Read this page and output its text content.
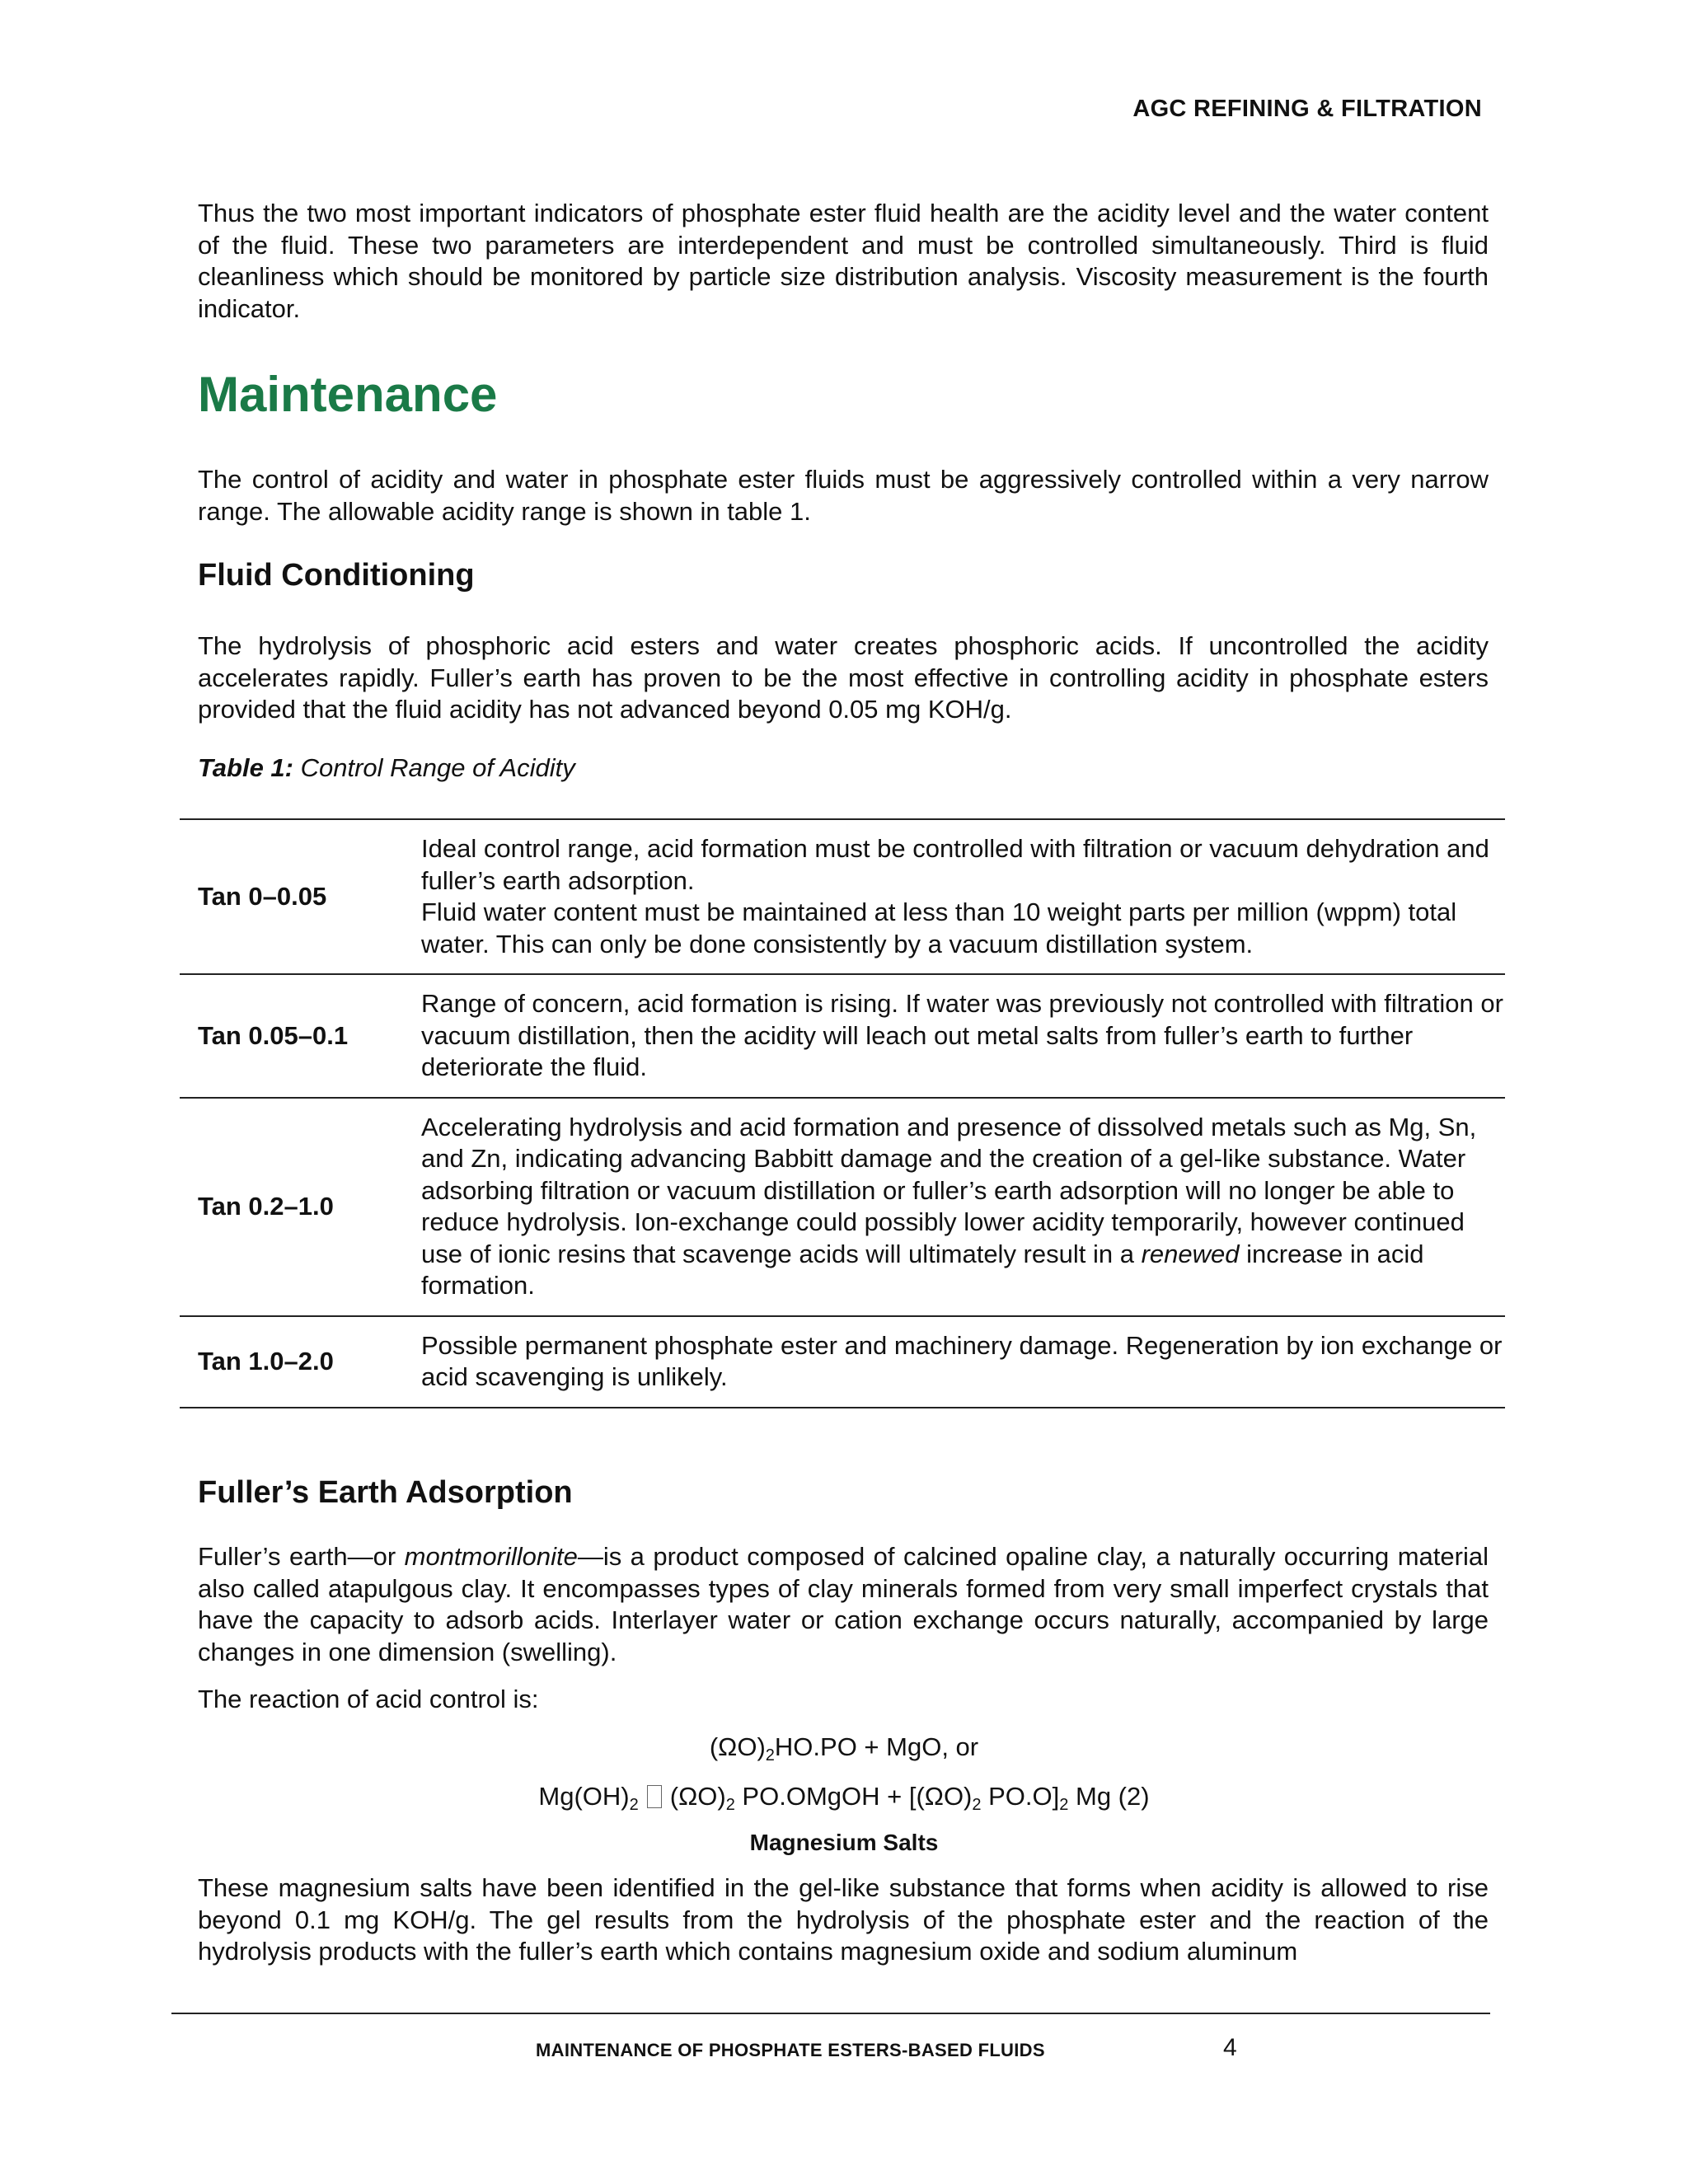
AGC REFINING & FILTRATION
Thus the two most important indicators of phosphate ester fluid health are the acidity level and the water content of the fluid. These two parameters are interdependent and must be controlled simultaneously. Third is fluid cleanliness which should be monitored by particle size distribution analysis. Viscosity measurement is the fourth indicator.
Maintenance
The control of acidity and water in phosphate ester fluids must be aggressively controlled within a very narrow range. The allowable acidity range is shown in table 1.
Fluid Conditioning
The hydrolysis of phosphoric acid esters and water creates phosphoric acids. If uncontrolled the acidity accelerates rapidly. Fuller’s earth has proven to be the most effective in controlling acidity in phosphate esters provided that the fluid acidity has not advanced beyond 0.05 mg KOH/g.
Table 1: Control Range of Acidity
Tan 0–0.05	Ideal control range, acid formation must be controlled with filtration or vacuum dehydration and fuller’s earth adsorption.
Fluid water content must be maintained at less than 10 weight parts per million (wppm) total water. This can only be done consistently by a vacuum distillation system.

Tan 0.05–0.1	Range of concern, acid formation is rising. If water was previously not controlled with filtration or vacuum distillation, then the acidity will leach out metal salts from fuller’s earth to further deteriorate the fluid.

Tan 0.2–1.0	Accelerating hydrolysis and acid formation and presence of dissolved metals such as Mg, Sn, and Zn, indicating advancing Babbitt damage and the creation of a gel-like substance. Water adsorbing filtration or vacuum distillation or fuller’s earth adsorption will no longer be able to reduce hydrolysis. Ion-exchange could possibly lower acidity temporarily, however continued use of ionic resins that scavenge acids will ultimately result in a renewed increase in acid formation.

Tan 1.0–2.0	Possible permanent phosphate ester and machinery damage. Regeneration by ion exchange or acid scavenging is unlikely.
Fuller’s Earth Adsorption
Fuller’s earth—or montmorillonite—is a product composed of calcined opaline clay, a naturally occurring material also called atapulgous clay. It encompasses types of clay minerals formed from very small imperfect crystals that have the capacity to adsorb acids. Interlayer water or cation exchange occurs naturally, accompanied by large changes in one dimension (swelling).
The reaction of acid control is:
$(\Omega O)_2HO.PO$ + MgO, or
$Mg(OH)_2$ $(\Omega O)_2$ PO.OMgOH + [$(\Omega O)_2$ $PO.O]_2$ Mg (2)
Magnesium Salts
These magnesium salts have been identified in the gel-like substance that forms when acidity is allowed to rise beyond 0.1 mg KOH/g. The gel results from the hydrolysis of the phosphate ester and the reaction of the hydrolysis products with the fuller’s earth which contains magnesium oxide and sodium aluminum
MAINTENANCE OF PHOSPHATE ESTERS-BASED FLUIDS	4
